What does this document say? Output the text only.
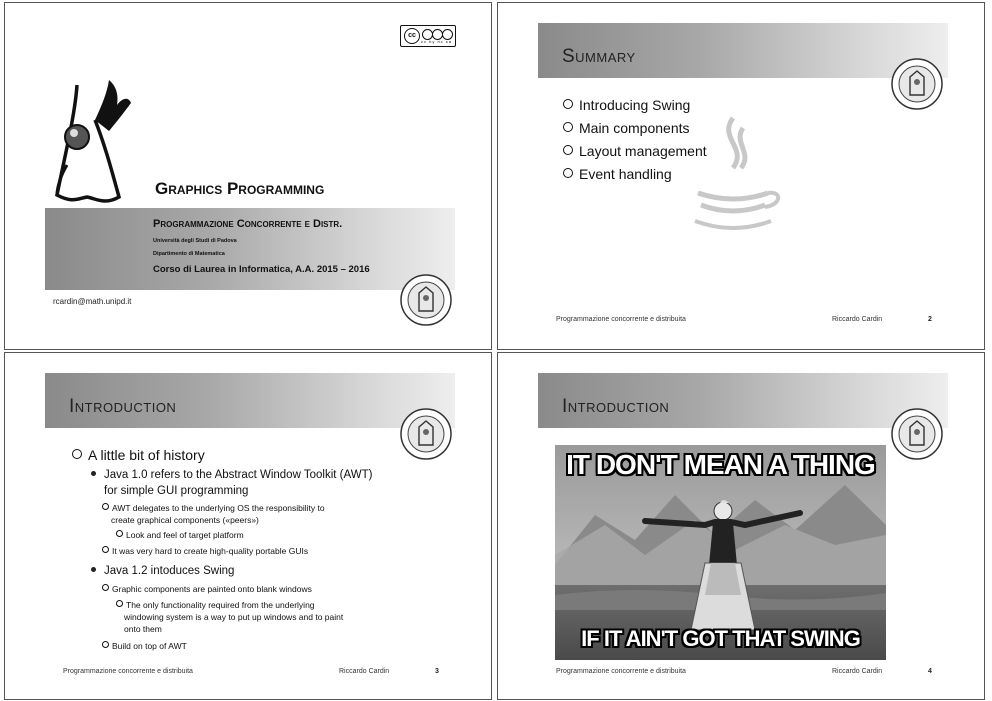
cc
cc by nc sa
Graphics Programming
Programmazione Concorrente e Distr.
Università degli Studi di Padova
Dipartimento di Matematica
Corso di Laurea in Informatica, A.A. 2015 – 2016
rcardin@math.unipd.it
Summary
Introducing Swing
Main components
Layout management
Event handling
Programmazione concorrente e distribuita	Riccardo Cardin	2
Introduction
A little bit of history
Java 1.0 refers to the Abstract Window Toolkit (AWT)
for simple GUI programming
AWT delegates to the underlying OS the responsibility to
create graphical components («peers»)
Look and feel of target platform
It was very hard to create high-quality portable GUIs
Java 1.2 intoduces Swing
Graphic components are painted onto blank windows
The only functionality required from the underlying
windowing system is a way to put up windows and to paint
onto them
Build on top of AWT
Programmazione concorrente e distribuita	Riccardo Cardin	3
Introduction
IT DON'T MEAN A THING
IF IT AIN'T GOT THAT SWING
Programmazione concorrente e distribuita	Riccardo Cardin	4
